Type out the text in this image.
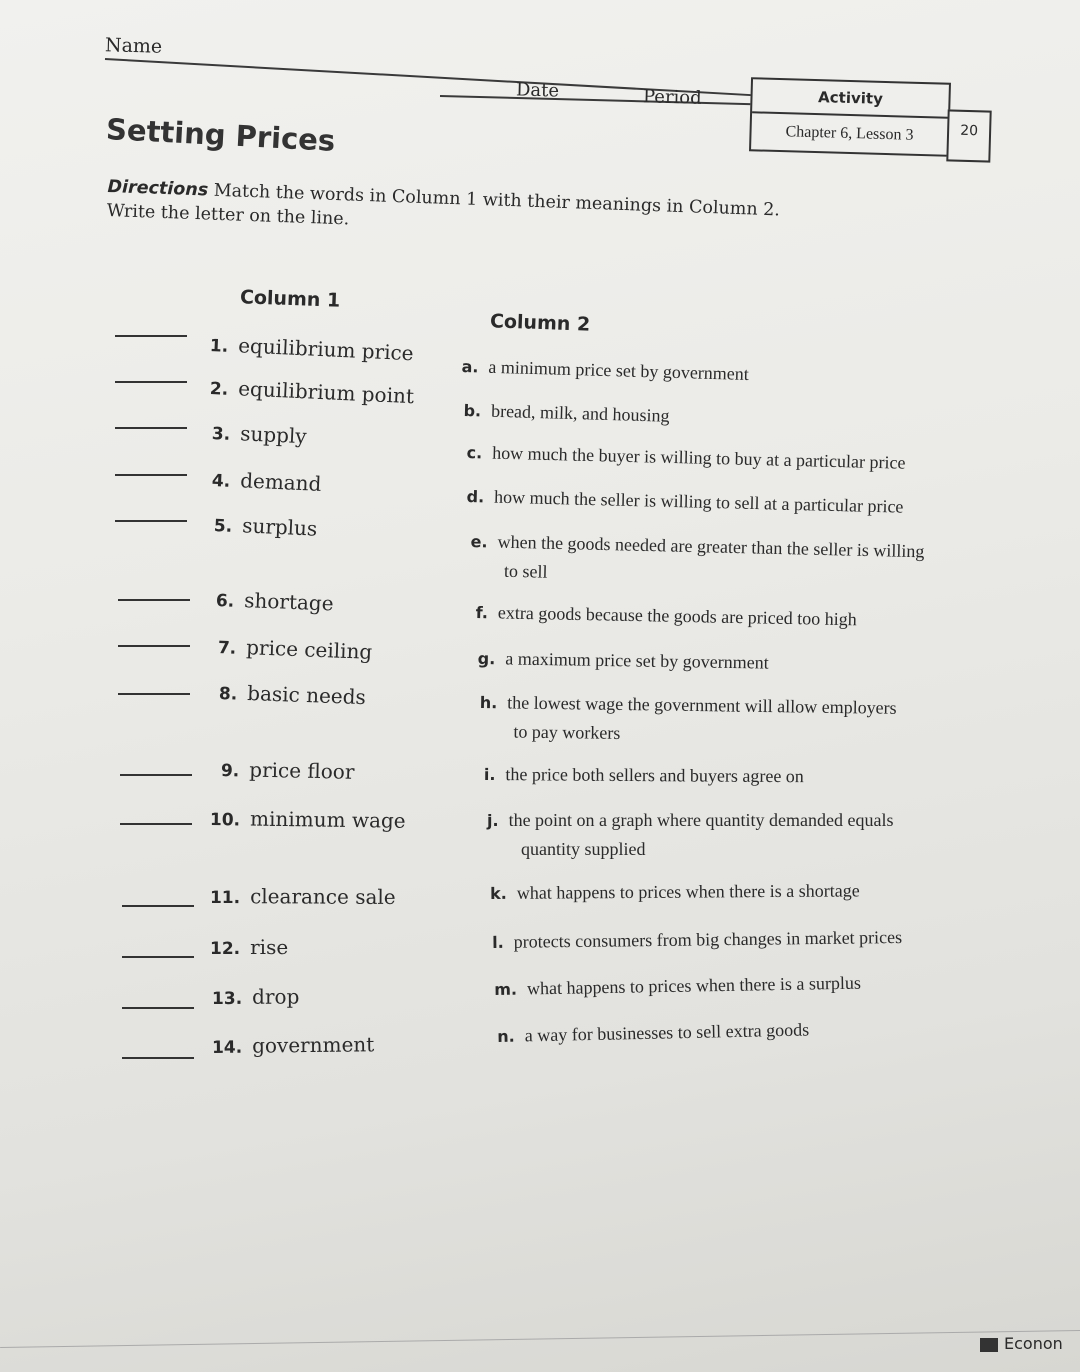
Name
Date	Period	Activity
Chapter 6, Lesson 3	20
Setting Prices
Directions Match the words in Column 1 with their meanings in Column 2. Write the letter on the line.
Column 1
Column 2
1. equilibrium price
2. equilibrium point
3. supply
4. demand
5. surplus
6. shortage
7. price ceiling
8. basic needs
9. price floor
10. minimum wage
11. clearance sale
12. rise
13. drop
14. government
a. a minimum price set by government
b. bread, milk, and housing
c. how much the buyer is willing to buy at a particular price
d. how much the seller is willing to sell at a particular price
e. when the goods needed are greater than the seller is willing
to sell
f. extra goods because the goods are priced too high
g. a maximum price set by government
h. the lowest wage the government will allow employers
to pay workers
i. the price both sellers and buyers agree on
j. the point on a graph where quantity demanded equals
quantity supplied
k. what happens to prices when there is a shortage
l. protects consumers from big changes in market prices
m. what happens to prices when there is a surplus
n. a way for businesses to sell extra goods
Econon
